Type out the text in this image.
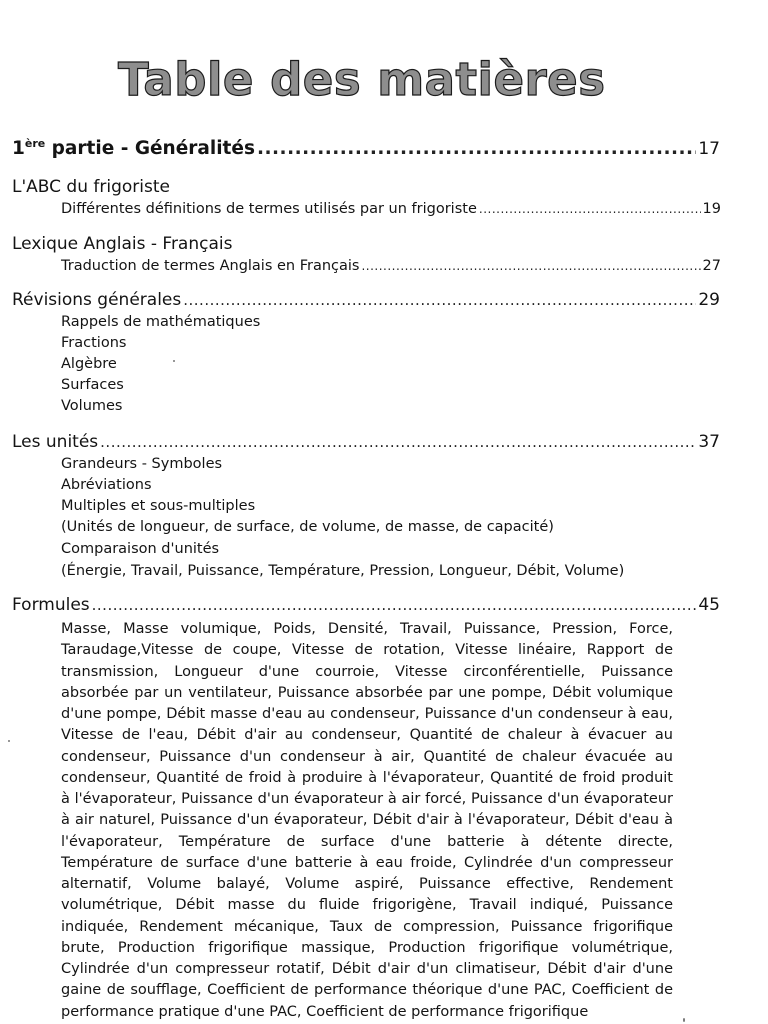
Table des matières
1ère partie - Généralités .....	17
L'ABC du frigoriste
Différentes définitions de termes utilisés par un frigoriste .....	19
Lexique Anglais - Français
Traduction de termes Anglais en Français .....	27
Révisions générales .....	29
Rappels de mathématiques
Fractions
Algèbre
Surfaces
Volumes
Les unités .....	37
Grandeurs - Symboles
Abréviations
Multiples et sous-multiples
(Unités de longueur, de surface, de volume, de masse, de capacité)
Comparaison d'unités
(Énergie, Travail, Puissance, Température, Pression, Longueur, Débit, Volume)
Formules .....	45

Masse, Masse volumique, Poids, Densité, Travail, Puissance, Pression, Force, Taraudage,Vitesse de coupe, Vitesse de rotation, Vitesse linéaire, Rapport de transmission, Longueur d'une courroie, Vitesse circonférentielle, Puissance absorbée par un ventilateur, Puissance absorbée par une pompe, Débit volumique d'une pompe, Débit masse d'eau au condenseur, Puissance d'un condenseur à eau, Vitesse de l'eau, Débit d'air au condenseur, Quantité de chaleur à évacuer au condenseur, Puissance d'un condenseur à air, Quantité de chaleur évacuée au condenseur, Quantité de froid à produire à l'évaporateur, Quantité de froid produit à l'évaporateur, Puissance d'un évaporateur à air forcé, Puissance d'un évaporateur à air naturel, Puissance d'un évaporateur, Débit d'air à l'évaporateur, Débit d'eau à l'évaporateur, Température de surface d'une batterie à détente directe, Température de surface d'une batterie à eau froide, Cylindrée d'un compresseur alternatif, Volume balayé, Volume aspiré, Puissance effective, Rendement volumétrique, Débit masse du fluide frigorigène, Travail indiqué, Puissance indiquée, Rendement mécanique, Taux de compression, Puissance frigorifique brute, Production frigorifique massique, Production frigorifique volumétrique, Cylindrée d'un compresseur rotatif, Débit d'air d'un climatiseur, Débit d'air d'une gaine de soufflage, Coefficient de performance théorique d'une PAC, Coefficient de performance pratique d'une PAC, Coefficient de performance frigorifique
